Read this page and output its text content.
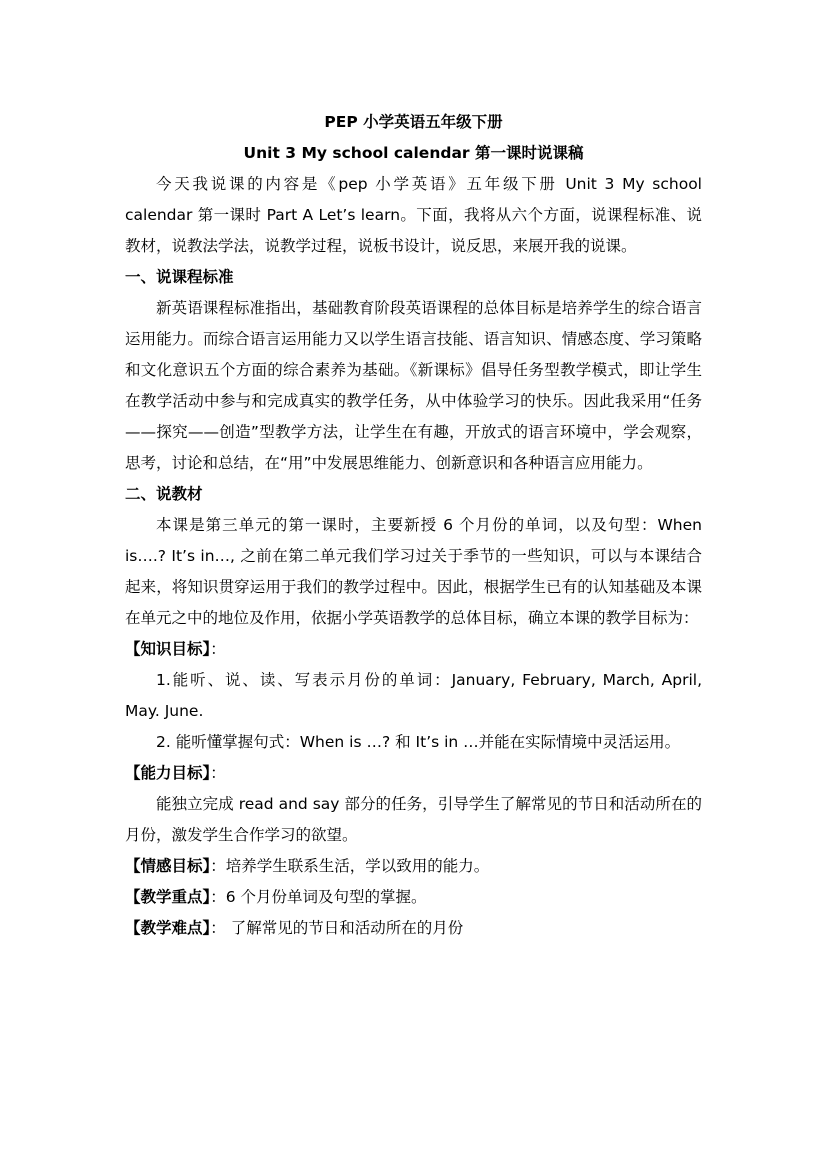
PEP 小学英语五年级下册

Unit 3 My school calendar 第一课时说课稿

今天我说课的内容是《pep 小学英语》五年级下册 Unit 3 My school calendar 第一课时 Part A Let’s learn。下面，我将从六个方面，说课程标准、说教材，说教法学法，说教学过程，说板书设计，说反思，来展开我的说课。

一、说课程标准

新英语课程标准指出，基础教育阶段英语课程的总体目标是培养学生的综合语言运用能力。而综合语言运用能力又以学生语言技能、语言知识、情感态度、学习策略和文化意识五个方面的综合素养为基础。《新课标》倡导任务型教学模式，即让学生在教学活动中参与和完成真实的教学任务，从中体验学习的快乐。因此我采用“任务——探究——创造”型教学方法，让学生在有趣，开放式的语言环境中，学会观察，思考，讨论和总结，在“用”中发展思维能力、创新意识和各种语言应用能力。

二、说教材

本课是第三单元的第一课时，主要新授 6 个月份的单词，以及句型：When is….? It’s in…, 之前在第二单元我们学习过关于季节的一些知识，可以与本课结合起来，将知识贯穿运用于我们的教学过程中。因此，根据学生已有的认知基础及本课在单元之中的地位及作用，依据小学英语教学的总体目标，确立本课的教学目标为：

【知识目标】：

1.能听、说、读、写表示月份的单词：January, February, March, April, May. June.

2. 能听懂掌握句式：When is …? 和 It’s in …并能在实际情境中灵活运用。

【能力目标】：

能独立完成 read and say 部分的任务，引导学生了解常见的节日和活动所在的月份，激发学生合作学习的欲望。

【情感目标】：培养学生联系生活，学以致用的能力。

【教学重点】：6 个月份单词及句型的掌握。

【教学难点】： 了解常见的节日和活动所在的月份
